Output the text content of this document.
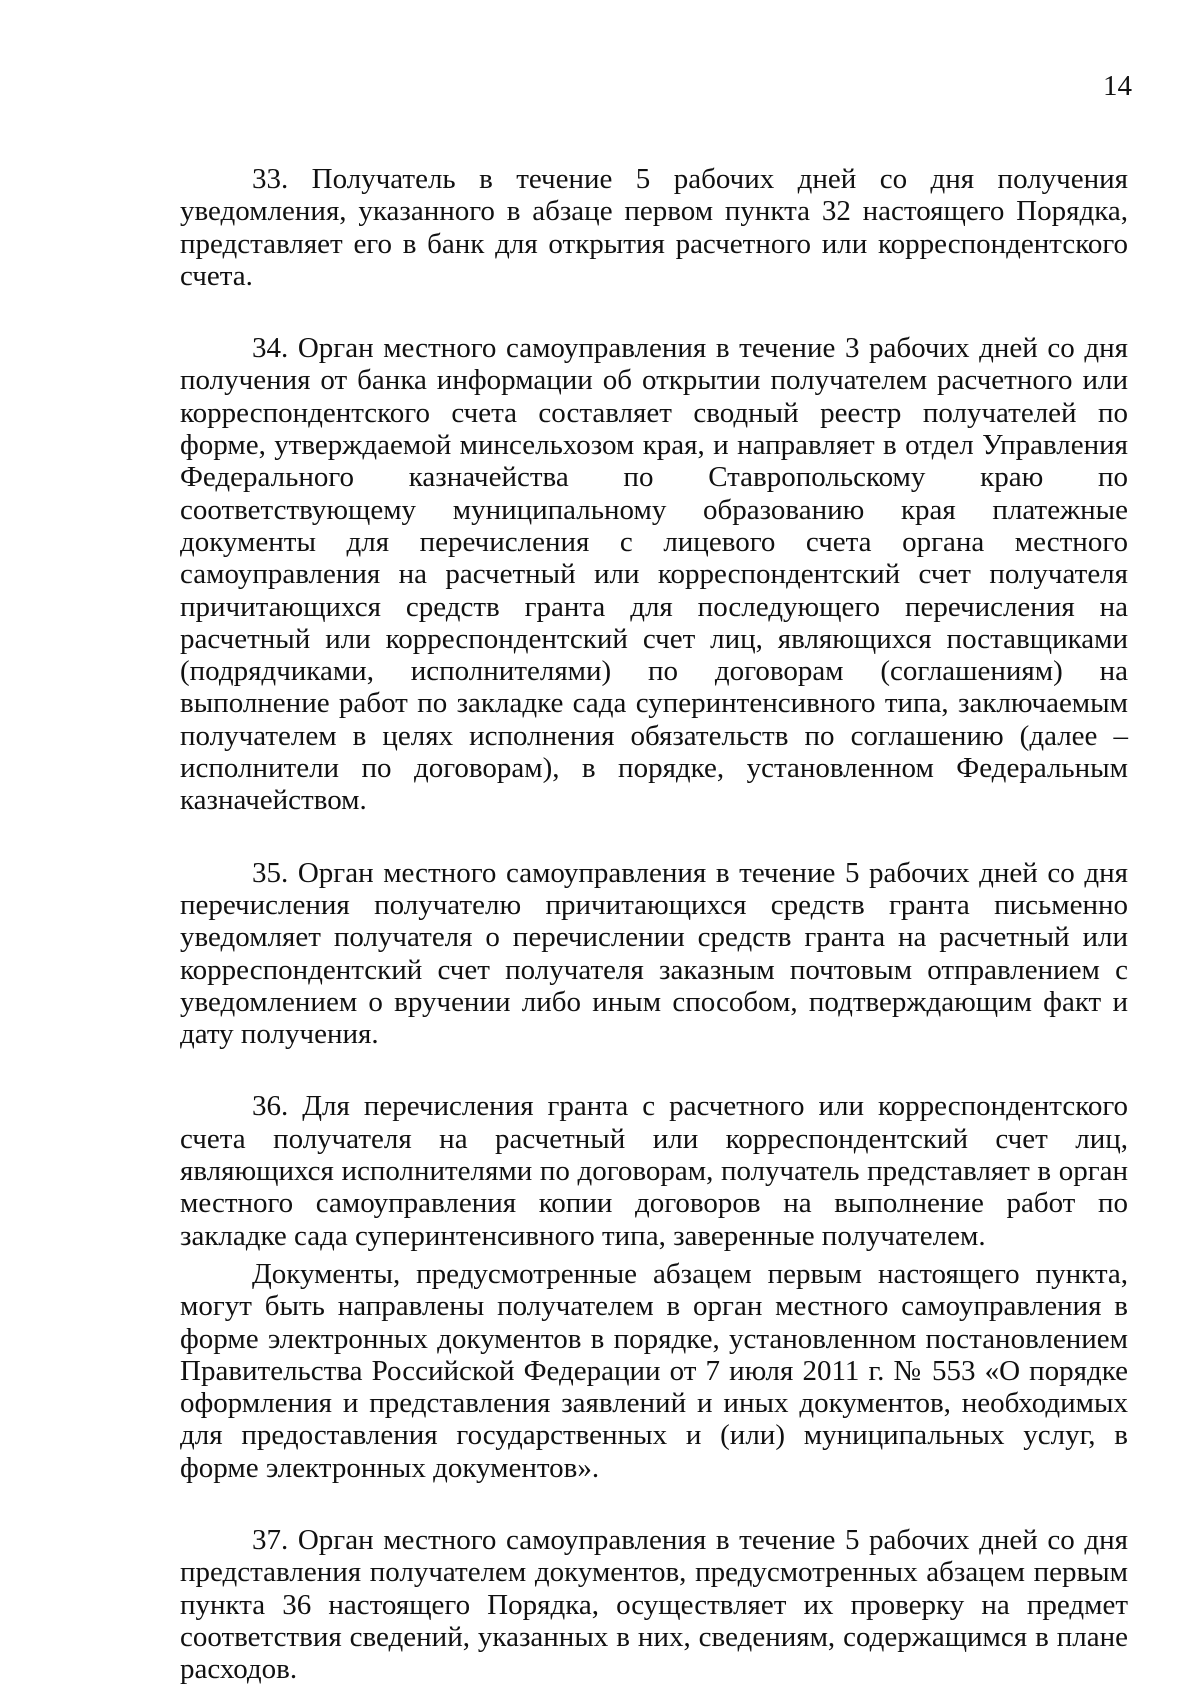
14

33. Получатель в течение 5 рабочих дней со дня получения уведомления, указанного в абзаце первом пункта 32 настоящего Порядка, представляет его в банк для открытия расчетного или корреспондентского счета.

34. Орган местного самоуправления в течение 3 рабочих дней со дня получения от банка информации об открытии получателем расчетного или корреспондентского счета составляет сводный реестр получателей по форме, утверждаемой минсельхозом края, и направляет в отдел Управления Федерального казначейства по Ставропольскому краю по соответствующему муниципальному образованию края платежные документы для перечисления с лицевого счета органа местного самоуправления на расчетный или корреспондентский счет получателя причитающихся средств гранта для последующего перечисления на расчетный или корреспондентский счет лиц, являющихся поставщиками (подрядчиками, исполнителями) по договорам (соглашениям) на выполнение работ по закладке сада суперинтенсивного типа, заключаемым получателем в целях исполнения обязательств по соглашению (далее – исполнители по договорам), в порядке, установленном Федеральным казначейством.

35. Орган местного самоуправления в течение 5 рабочих дней со дня перечисления получателю причитающихся средств гранта письменно уведомляет получателя о перечислении средств гранта на расчетный или корреспондентский счет получателя заказным почтовым отправлением с уведомлением о вручении либо иным способом, подтверждающим факт и дату получения.

36. Для перечисления гранта с расчетного или корреспондентского счета получателя на расчетный или корреспондентский счет лиц, являющихся исполнителями по договорам, получатель представляет в орган местного самоуправления копии договоров на выполнение работ по закладке сада суперинтенсивного типа, заверенные получателем.

Документы, предусмотренные абзацем первым настоящего пункта, могут быть направлены получателем в орган местного самоуправления в форме электронных документов в порядке, установленном постановлением Правительства Российской Федерации от 7 июля 2011 г. № 553 «О порядке оформления и представления заявлений и иных документов, необходимых для предоставления государственных и (или) муниципальных услуг, в форме электронных документов».

37. Орган местного самоуправления в течение 5 рабочих дней со дня представления получателем документов, предусмотренных абзацем первым пункта 36 настоящего Порядка, осуществляет их проверку на предмет соответствия сведений, указанных в них, сведениям, содержащимся в плане расходов.
